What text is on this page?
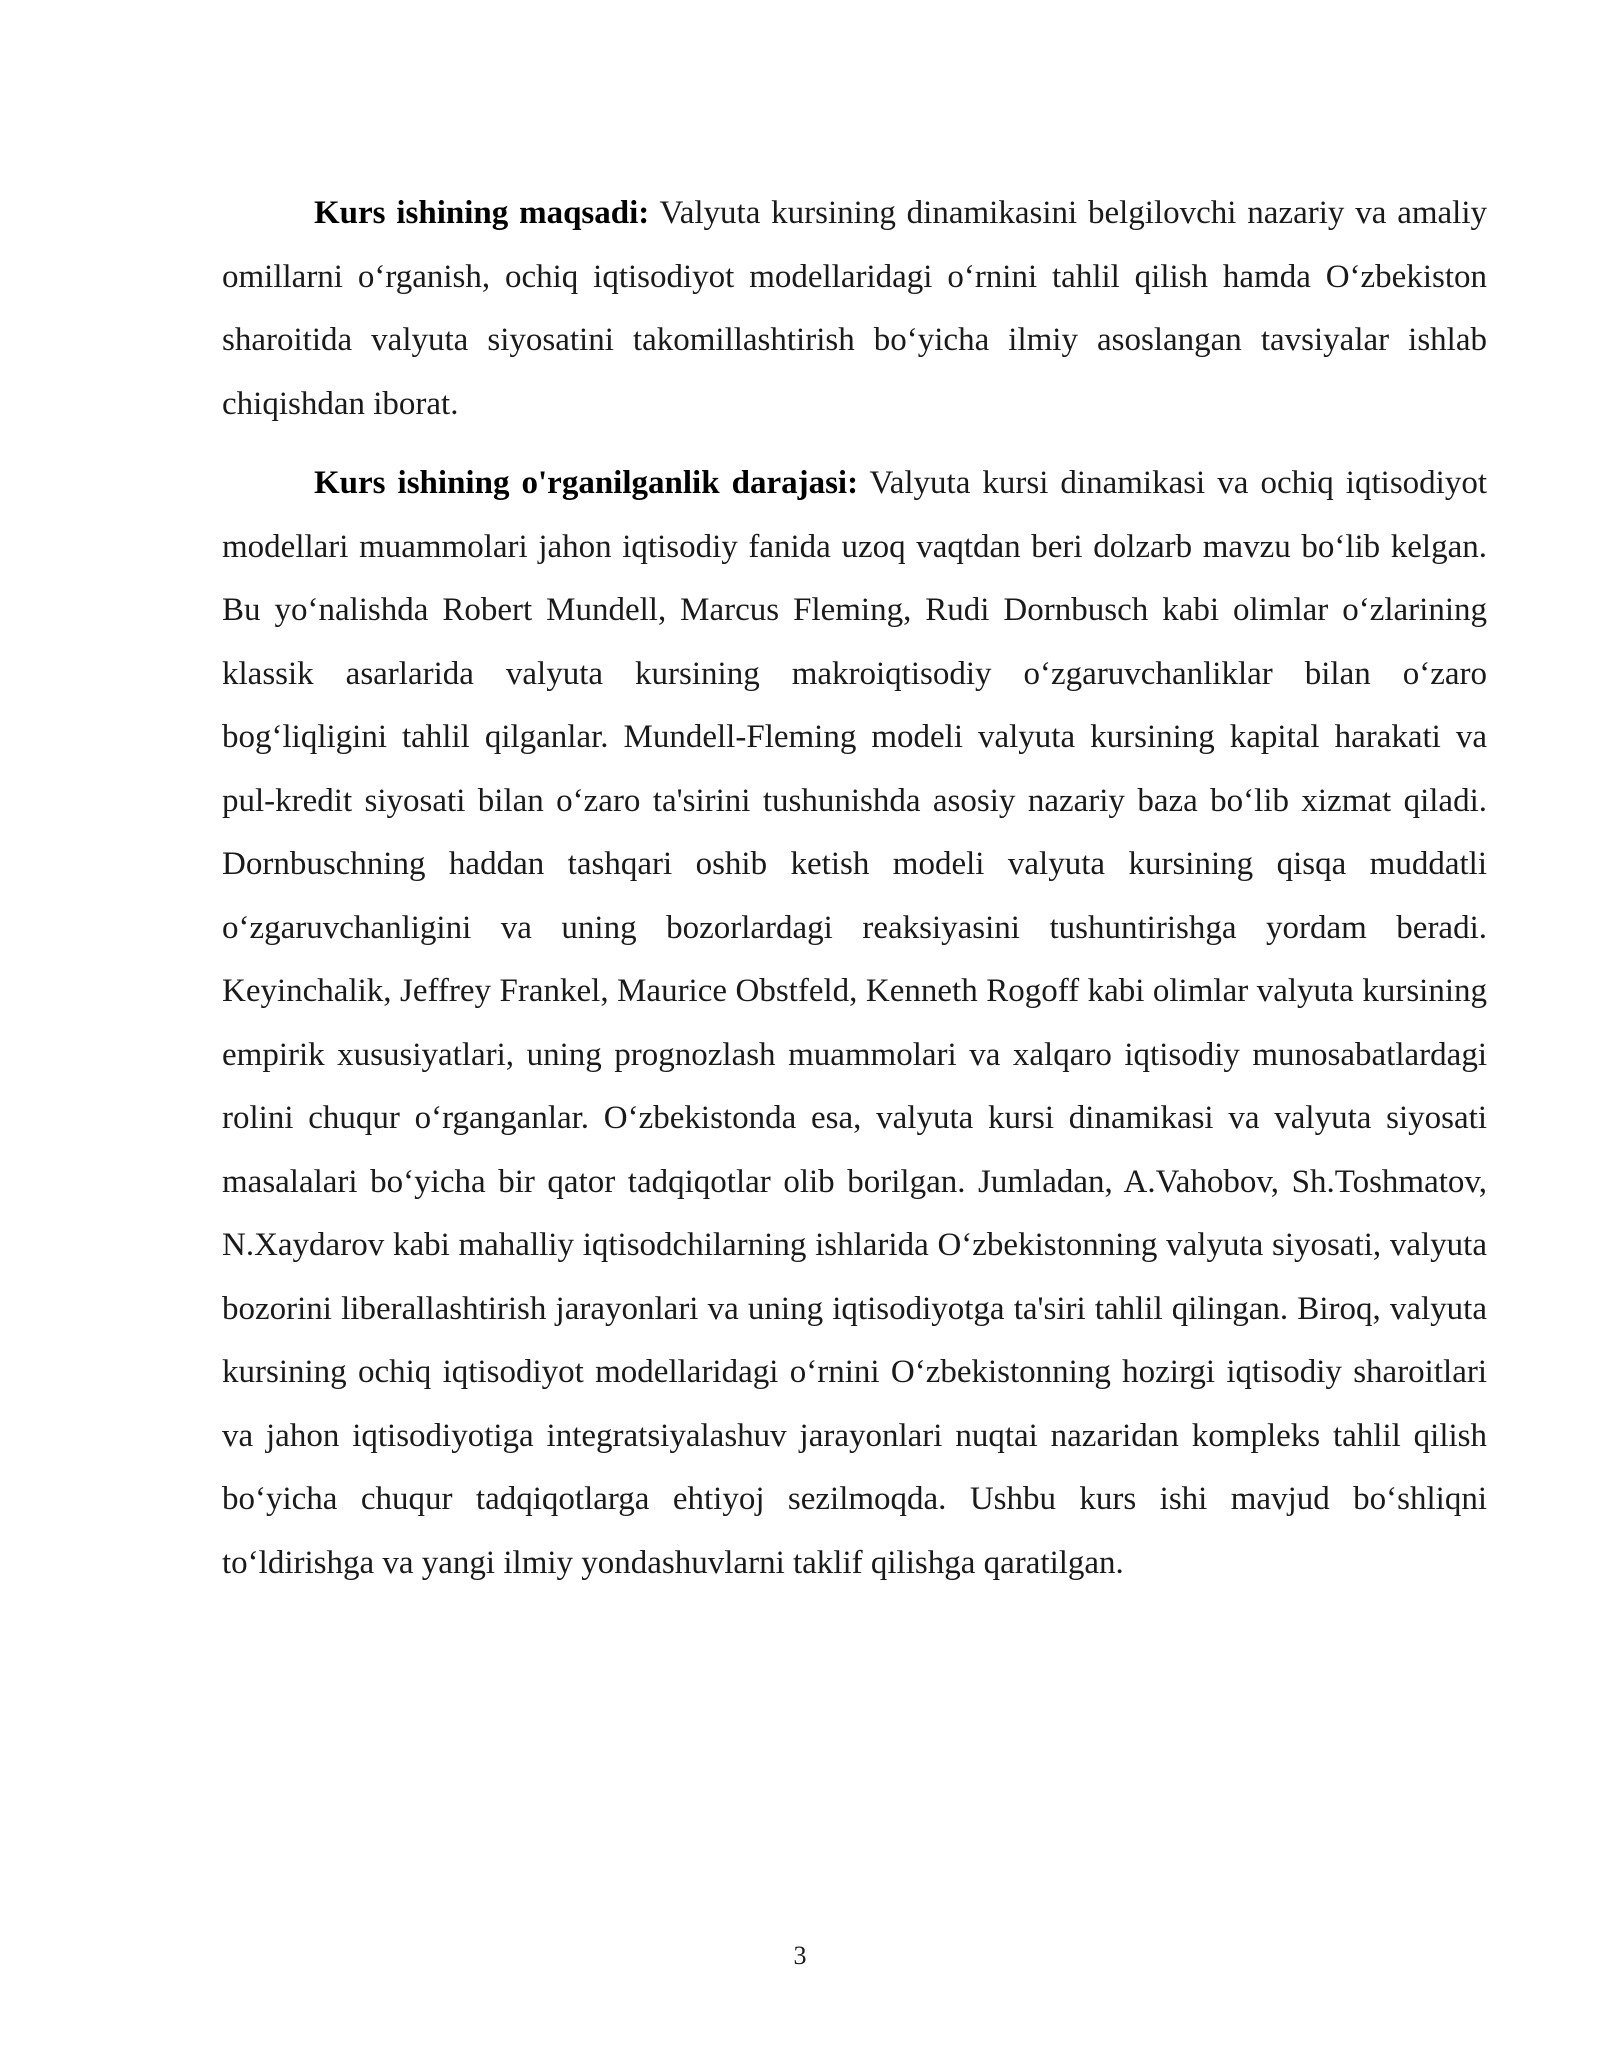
Kurs ishining maqsadi: Valyuta kursining dinamikasini belgilovchi nazariy va amaliy omillarni o‘rganish, ochiq iqtisodiyot modellaridagi o‘rnini tahlil qilish hamda O‘zbekiston sharoitida valyuta siyosatini takomillashtirish bo‘yicha ilmiy asoslangan tavsiyalar ishlab chiqishdan iborat.

Kurs ishining o'rganilganlik darajasi: Valyuta kursi dinamikasi va ochiq iqtisodiyot modellari muammolari jahon iqtisodiy fanida uzoq vaqtdan beri dolzarb mavzu bo‘lib kelgan. Bu yo‘nalishda Robert Mundell, Marcus Fleming, Rudi Dornbusch kabi olimlar o‘zlarining klassik asarlarida valyuta kursining makroiqtisodiy o‘zgaruvchanliklar bilan o‘zaro bog‘liqligini tahlil qilganlar. Mundell-Fleming modeli valyuta kursining kapital harakati va pul-kredit siyosati bilan o‘zaro ta'sirini tushunishda asosiy nazariy baza bo‘lib xizmat qiladi. Dornbuschning haddan tashqari oshib ketish modeli valyuta kursining qisqa muddatli o‘zgaruvchanligini va uning bozorlardagi reaksiyasini tushuntirishga yordam beradi. Keyinchalik, Jeffrey Frankel, Maurice Obstfeld, Kenneth Rogoff kabi olimlar valyuta kursining empirik xususiyatlari, uning prognozlash muammolari va xalqaro iqtisodiy munosabatlardagi rolini chuqur o‘rganganlar. O‘zbekistonda esa, valyuta kursi dinamikasi va valyuta siyosati masalalari bo‘yicha bir qator tadqiqotlar olib borilgan. Jumladan, A.Vahobov, Sh.Toshmatov, N.Xaydarov kabi mahalliy iqtisodchilarning ishlarida O‘zbekistonning valyuta siyosati, valyuta bozorini liberallashtirish jarayonlari va uning iqtisodiyotga ta'siri tahlil qilingan. Biroq, valyuta kursining ochiq iqtisodiyot modellaridagi o‘rnini O‘zbekistonning hozirgi iqtisodiy sharoitlari va jahon iqtisodiyotiga integratsiyalashuv jarayonlari nuqtai nazaridan kompleks tahlil qilish bo‘yicha chuqur tadqiqotlarga ehtiyoj sezilmoqda. Ushbu kurs ishi mavjud bo‘shliqni to‘ldirishga va yangi ilmiy yondashuvlarni taklif qilishga qaratilgan.

3
